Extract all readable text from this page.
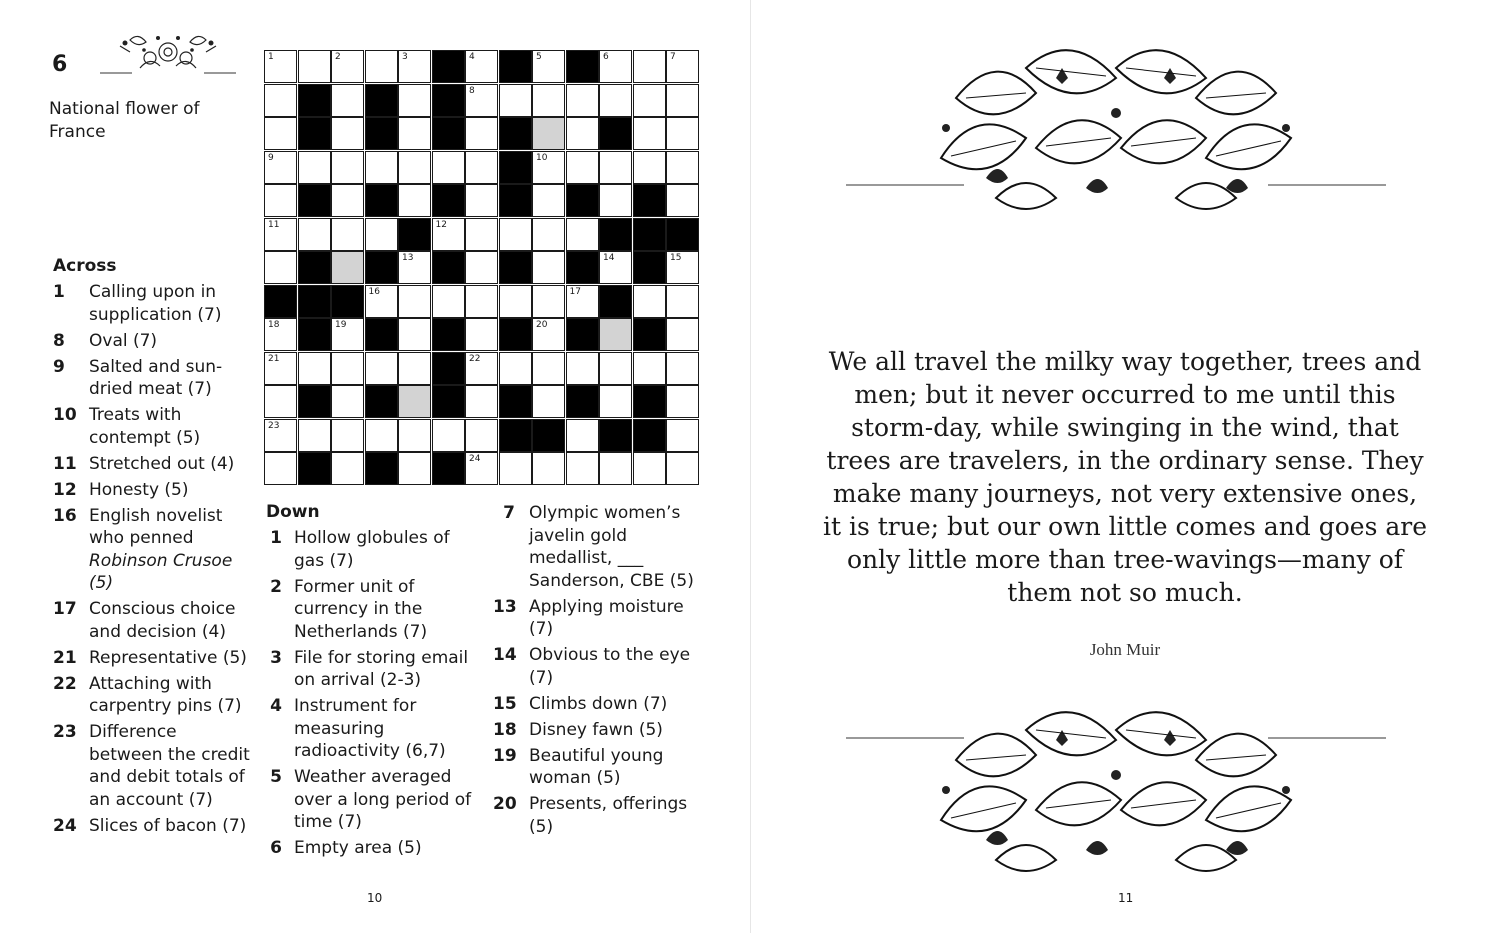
6
National flower of France
1	2	3	4	5	6	7
8
9	10
11	12
13	14	15
16	17
18	19	20
21	22
23
24
Across
1	Calling upon in supplication (7)
8	Oval (7)
9	Salted and sun-dried meat (7)
10 Treats with contempt (5)
11 Stretched out (4)
12 Honesty (5)
16 English novelist who penned Robinson Crusoe (5)
17 Conscious choice and decision (4)
21 Representative (5)
22 Attaching with carpentry pins (7)
23 Difference between the credit and debit totals of an account (7)
24 Slices of bacon (7)
Down
1 Hollow globules of gas (7)
2 Former unit of currency in the Netherlands (7)
3 File for storing email on arrival (2-3)
4 Instrument for measuring radioactivity (6,7)
5 Weather averaged over a long period of time (7)
6 Empty area (5)
7 Olympic women’s javelin gold medallist, ___ Sanderson, CBE (5)
13 Applying moisture (7)
14 Obvious to the eye (7)
15 Climbs down (7)
18 Disney fawn (5)
19 Beautiful young woman (5)
20 Presents, offerings (5)
10
We all travel the milky way together, trees and men; but it never occurred to me until this storm-day, while swinging in the wind, that trees are travelers, in the ordinary sense. They make many journeys, not very extensive ones, it is true; but our own little comes and goes are only little more than tree-wavings—many of them not so much.
John Muir
11
